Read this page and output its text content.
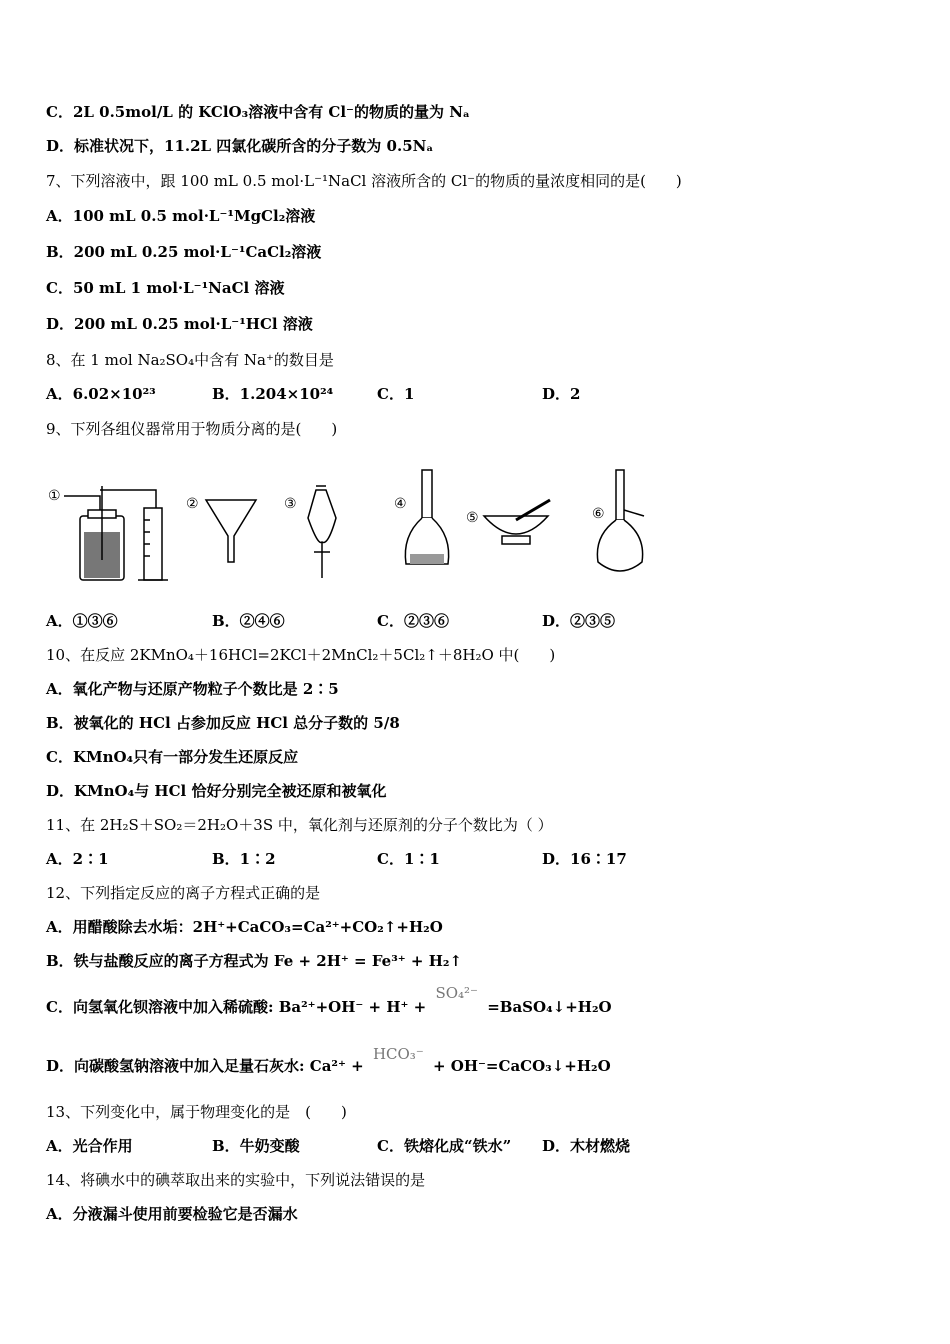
C．2L 0.5mol/L 的 KClO₃溶液中含有 Cl⁻的物质的量为 Nₐ
D．标准状况下，11.2L 四氯化碳所含的分子数为 0.5Nₐ
7、下列溶液中，跟 100 mL 0.5 mol·L⁻¹NaCl 溶液所含的 Cl⁻的物质的量浓度相同的是(　　)
A．100 mL 0.5 mol·L⁻¹MgCl₂溶液
B．200 mL 0.25 mol·L⁻¹CaCl₂溶液
C．50 mL 1 mol·L⁻¹NaCl 溶液
D．200 mL 0.25 mol·L⁻¹HCl 溶液
8、在 1 mol Na₂SO₄中含有 Na⁺的数目是
A．6.02×10²³	B．1.204×10²⁴	C．1	D．2
9、下列各组仪器常用于物质分离的是(　　)
①	②	③	④
⑤	⑥
A．①③⑥	B．②④⑥	C．②③⑥	D．②③⑤
10、在反应 2KMnO₄＋16HCl=2KCl＋2MnCl₂＋5Cl₂↑＋8H₂O 中(　　)
A．氧化产物与还原产物粒子个数比是 2∶5
B．被氧化的 HCl 占参加反应 HCl 总分子数的 5/8
C．KMnO₄只有一部分发生还原反应
D．KMnO₄与 HCl 恰好分别完全被还原和被氧化
11、在 2H₂S＋SO₂＝2H₂O＋3S 中，氧化剂与还原剂的分子个数比为（ ）
A．2∶1	B．1∶2	C．1∶1	D．16∶17
12、下列指定反应的离子方程式正确的是
A．用醋酸除去水垢：2H⁺+CaCO₃=Ca²⁺+CO₂↑+H₂O
B．铁与盐酸反应的离子方程式为 Fe + 2H⁺ = Fe³⁺ + H₂↑
C．向氢氧化钡溶液中加入稀硫酸: Ba²⁺+OH⁻ + H⁺ + SO₄²⁻ =BaSO₄↓+H₂O
D．向碳酸氢钠溶液中加入足量石灰水: Ca²⁺ + HCO₃⁻ + OH⁻=CaCO₃↓+H₂O
13、下列变化中，属于物理变化的是　(　　)
A．光合作用	B．牛奶变酸	C．铁熔化成“铁水” D．木材燃烧
14、将碘水中的碘萃取出来的实验中，下列说法错误的是
A．分液漏斗使用前要检验它是否漏水
